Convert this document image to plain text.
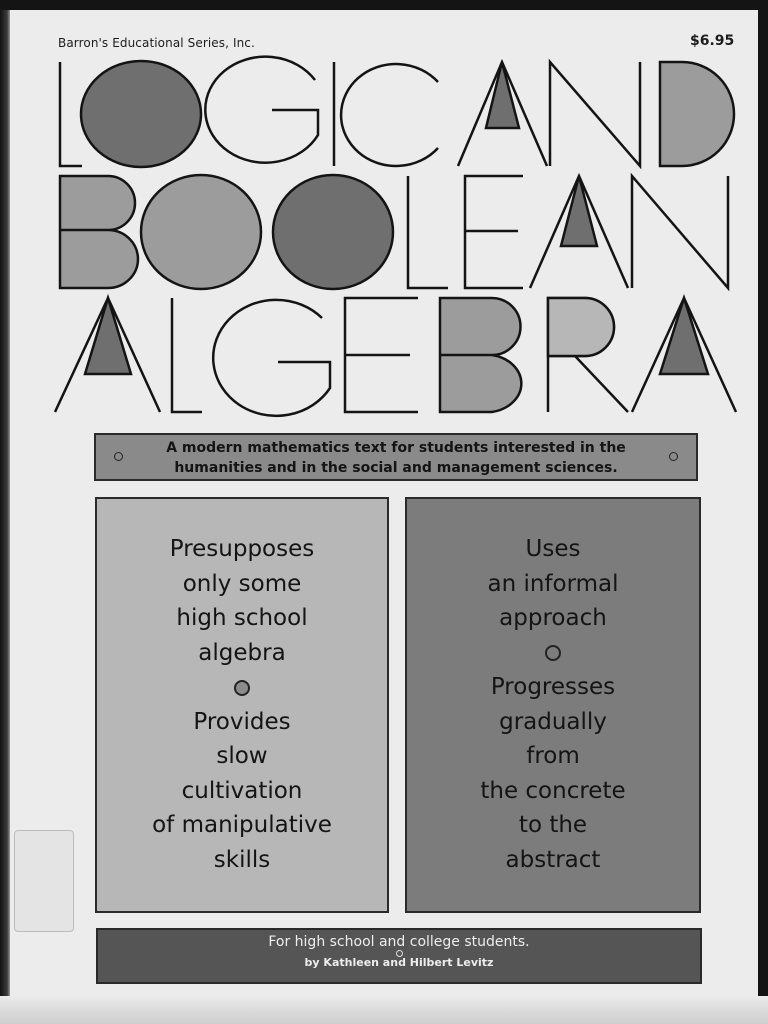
Barron's Educational Series, Inc.	$6.95
A modern mathematics text for students interested in the
humanities and in the social and management sciences.
Presupposes
only some
high school
algebra
Provides
slow
cultivation
of manipulative
skills
Uses
an informal
approach
Progresses
gradually
from
the concrete
to the
abstract
For high school and college students.
by Kathleen and Hilbert Levitz
